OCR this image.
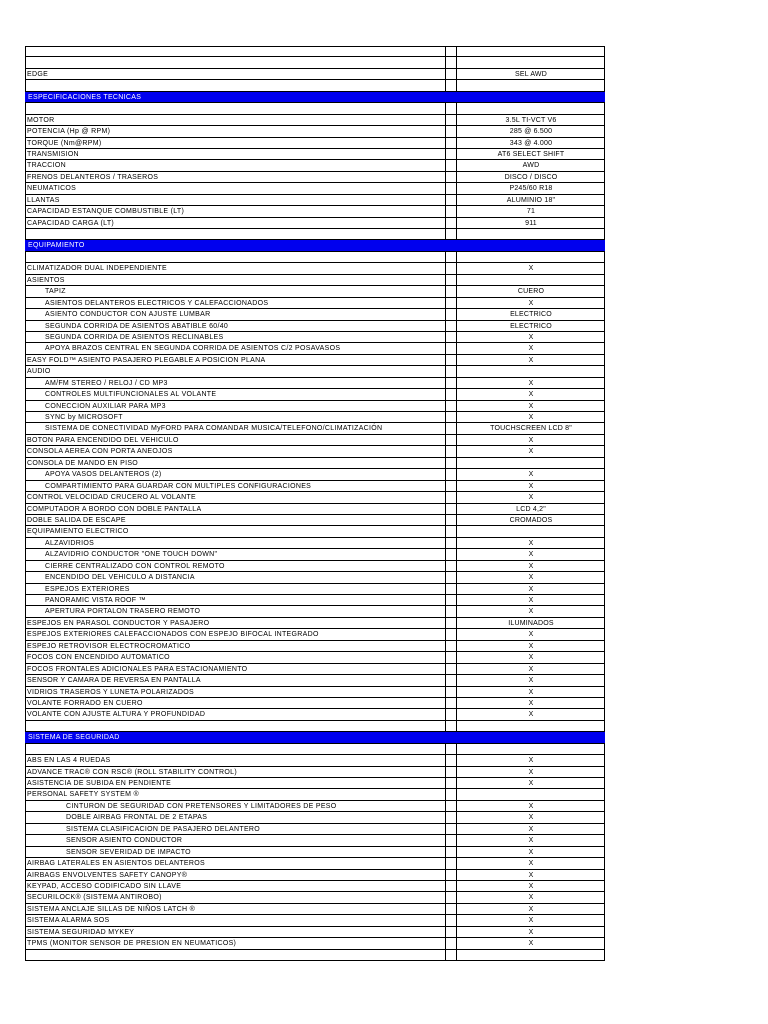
EDGE	SEL AWD
ESPECIFICACIONES TECNICAS
MOTOR	3.5L TI-VCT V6
POTENCIA (Hp @ RPM)	285 @ 6.500
TORQUE (Nm@RPM)	343 @ 4.000
TRANSMISION	AT6 SELECT SHIFT
TRACCION	AWD
FRENOS DELANTEROS / TRASEROS	DISCO / DISCO
NEUMATICOS	P245/60 R18
LLANTAS	ALUMINIO 18"
CAPACIDAD ESTANQUE COMBUSTIBLE (LT)	71
CAPACIDAD CARGA (LT)	911
EQUIPAMIENTO
CLIMATIZADOR DUAL INDEPENDIENTE	X
ASIENTOS
TAPIZ	CUERO
ASIENTOS DELANTEROS ELECTRICOS Y CALEFACCIONADOS	X
ASIENTO CONDUCTOR CON AJUSTE LUMBAR	ELECTRICO
SEGUNDA CORRIDA DE ASIENTOS ABATIBLE 60/40	ELECTRICO
SEGUNDA CORRIDA DE ASIENTOS RECLINABLES	X
APOYA BRAZOS CENTRAL EN SEGUNDA CORRIDA DE ASIENTOS C/2 POSAVASOS	X
EASY FOLD™ ASIENTO PASAJERO PLEGABLE A POSICION PLANA	X
AUDIO
AM/FM STEREO / RELOJ / CD MP3	X
CONTROLES MULTIFUNCIONALES AL VOLANTE	X
CONECCION AUXILIAR PARA MP3	X
SYNC by MICROSOFT	X
SISTEMA DE CONECTIVIDAD MyFORD PARA COMANDAR MUSICA/TELEFONO/CLIMATIZACIÓN	TOUCHSCREEN LCD 8"
BOTON PARA ENCENDIDO DEL VEHICULO	X
CONSOLA AEREA CON PORTA ANEOJOS	X
CONSOLA DE MANDO EN PISO
APOYA VASOS DELANTEROS (2)	X
COMPARTIMIENTO PARA GUARDAR CON MULTIPLES CONFIGURACIONES	X
CONTROL VELOCIDAD CRUCERO AL VOLANTE	X
COMPUTADOR A BORDO CON DOBLE PANTALLA	LCD 4,2"
DOBLE SALIDA DE ESCAPE	CROMADOS
EQUIPAMIENTO ELECTRICO
ALZAVIDRIOS	X
ALZAVIDRIO CONDUCTOR "ONE TOUCH DOWN"	X
CIERRE CENTRALIZADO CON CONTROL REMOTO	X
ENCENDIDO DEL VEHICULO A DISTANCIA	X
ESPEJOS EXTERIORES	X
PANORAMIC VISTA ROOF ™	X
APERTURA PORTALON TRASERO REMOTO	X
ESPEJOS EN PARASOL CONDUCTOR Y PASAJERO	ILUMINADOS
ESPEJOS EXTERIORES CALEFACCIONADOS CON ESPEJO BIFOCAL INTEGRADO	X
ESPEJO RETROVISOR ELECTROCROMATICO	X
FOCOS CON ENCENDIDO AUTOMATICO	X
FOCOS FRONTALES ADICIONALES PARA ESTACIONAMIENTO	X
SENSOR Y CAMARA DE REVERSA EN PANTALLA	X
VIDRIOS TRASEROS Y LUNETA POLARIZADOS	X
VOLANTE FORRADO EN CUERO	X
VOLANTE CON AJUSTE ALTURA Y PROFUNDIDAD	X
SISTEMA DE SEGURIDAD
ABS EN LAS 4 RUEDAS	X
ADVANCE TRAC® CON RSC® (ROLL STABILITY CONTROL)	X
ASISTENCIA DE SUBIDA EN PENDIENTE	X
PERSONAL SAFETY SYSTEM ®
CINTURON DE SEGURIDAD CON PRETENSORES Y LIMITADORES DE PESO	X
DOBLE AIRBAG FRONTAL DE 2 ETAPAS	X
SISTEMA CLASIFICACION DE PASAJERO DELANTERO	X
SENSOR ASIENTO CONDUCTOR	X
SENSOR SEVERIDAD DE IMPACTO	X
AIRBAG LATERALES EN ASIENTOS DELANTEROS	X
AIRBAGS ENVOLVENTES SAFETY CANOPY®	X
KEYPAD, ACCESO CODIFICADO SIN LLAVE	X
SECURILOCK® (SISTEMA ANTIROBO)	X
SISTEMA ANCLAJE SILLAS DE NIÑOS LATCH ®	X
SISTEMA ALARMA SOS	X
SISTEMA SEGURIDAD MYKEY	X
TPMS (MONITOR SENSOR DE PRESION EN NEUMATICOS)	X
